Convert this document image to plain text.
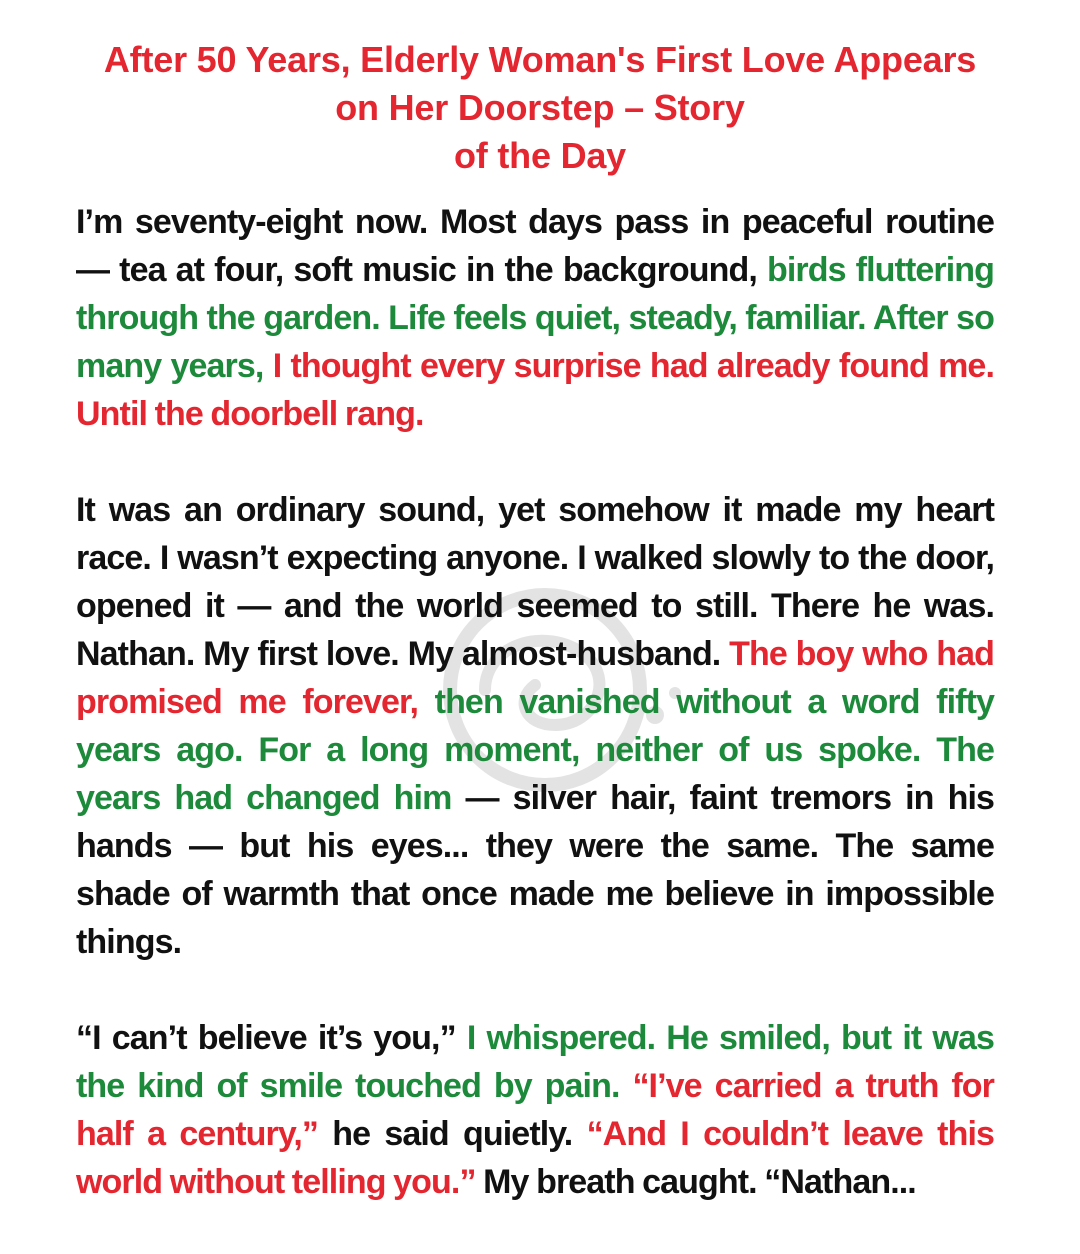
After 50 Years, Elderly Woman's First Love Appears
on Her Doorstep – Story
of the Day

I’m seventy-eight now. Most days pass in peaceful routine — tea at four, soft music in the background, birds fluttering through the garden. Life feels quiet, steady, familiar. After so many years, I thought every surprise had already found me. Until the doorbell rang.

It was an ordinary sound, yet somehow it made my heart race. I wasn’t expecting anyone. I walked slowly to the door, opened it — and the world seemed to still. There he was. Nathan. My first love. My almost-husband. The boy who had promised me forever, then vanished without a word fifty years ago. For a long moment, neither of us spoke. The years had changed him — silver hair, faint tremors in his hands — but his eyes... they were the same. The same shade of warmth that once made me believe in impossible things.

“I can’t believe it’s you,” I whispered. He smiled, but it was the kind of smile touched by pain. “I’ve carried a truth for half a century,” he said quietly. “And I couldn’t leave this world without telling you.” My breath caught. “Nathan...
